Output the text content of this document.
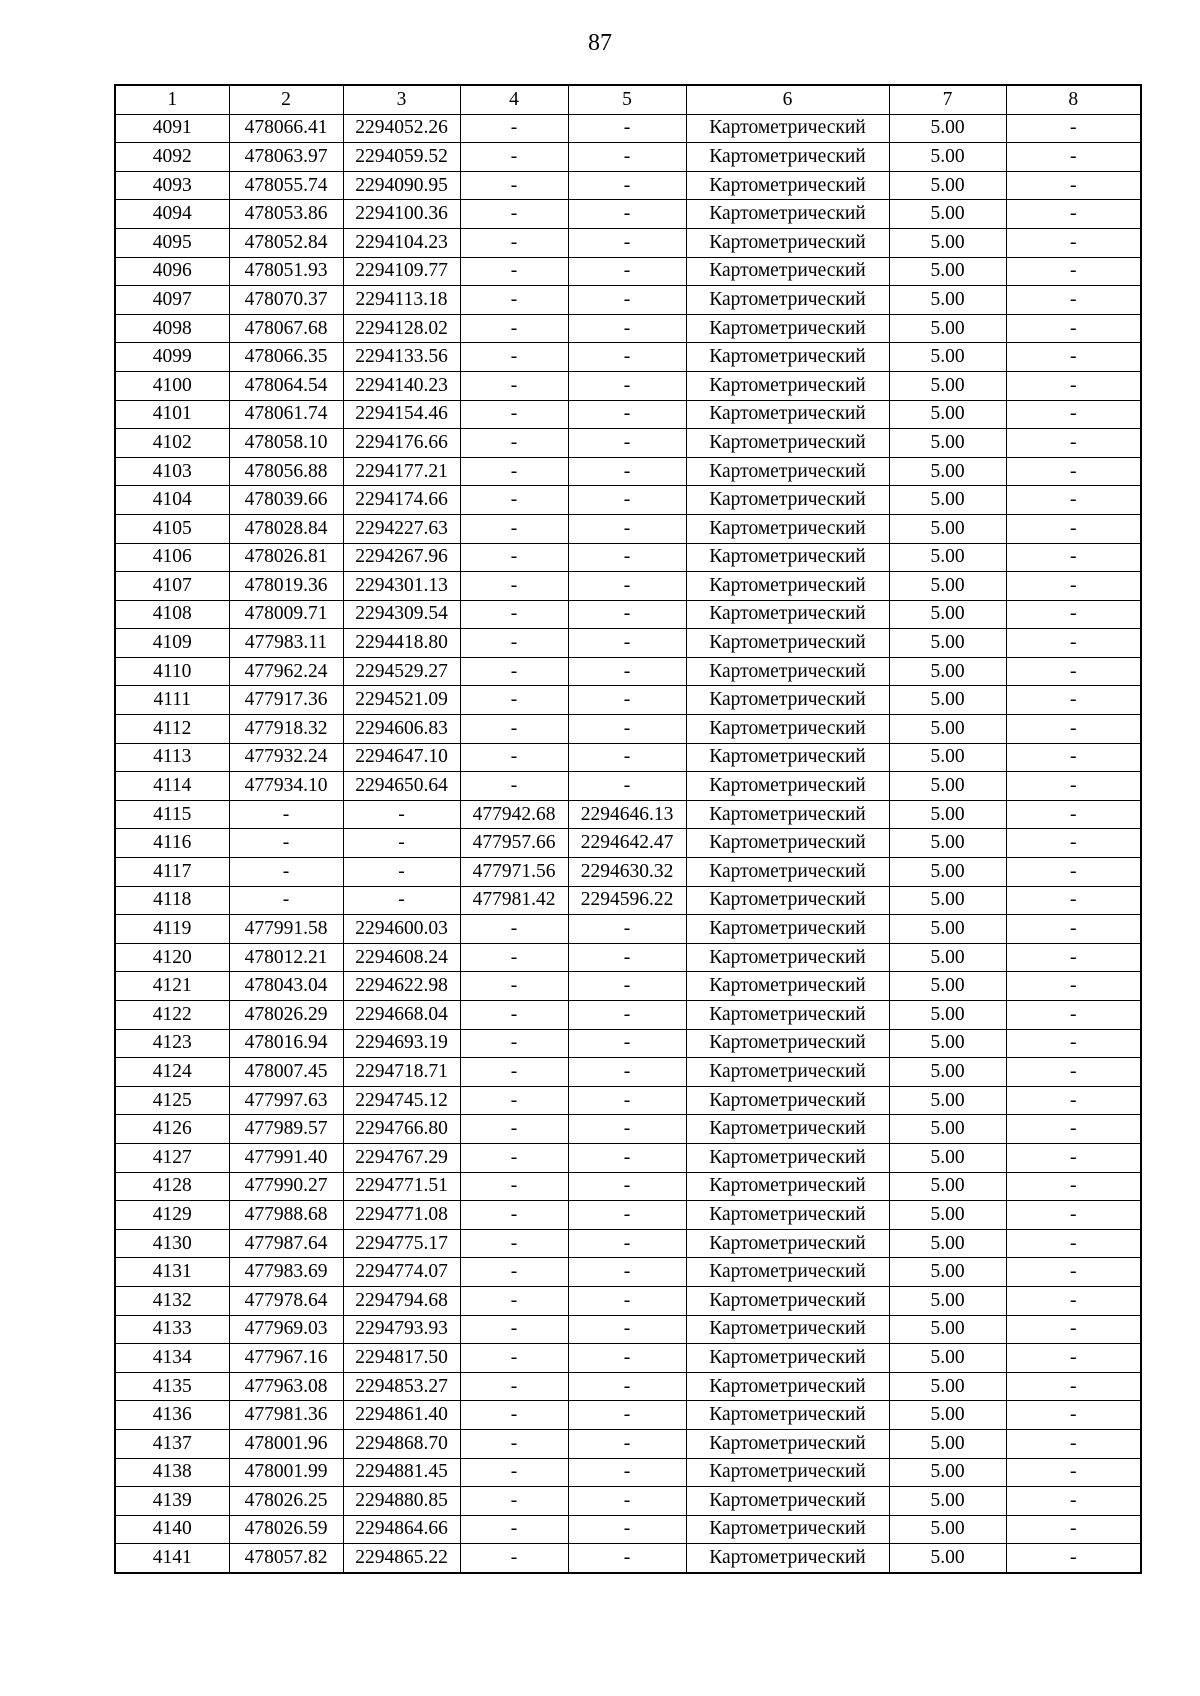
87
1	2	3	4	5	6	7	8
4091	478066.41	2294052.26	-	-	Картометрический	5.00	-
4092	478063.97	2294059.52	-	-	Картометрический	5.00	-
4093	478055.74	2294090.95	-	-	Картометрический	5.00	-
4094	478053.86	2294100.36	-	-	Картометрический	5.00	-
4095	478052.84	2294104.23	-	-	Картометрический	5.00	-
4096	478051.93	2294109.77	-	-	Картометрический	5.00	-
4097	478070.37	2294113.18	-	-	Картометрический	5.00	-
4098	478067.68	2294128.02	-	-	Картометрический	5.00	-
4099	478066.35	2294133.56	-	-	Картометрический	5.00	-
4100	478064.54	2294140.23	-	-	Картометрический	5.00	-
4101	478061.74	2294154.46	-	-	Картометрический	5.00	-
4102	478058.10	2294176.66	-	-	Картометрический	5.00	-
4103	478056.88	2294177.21	-	-	Картометрический	5.00	-
4104	478039.66	2294174.66	-	-	Картометрический	5.00	-
4105	478028.84	2294227.63	-	-	Картометрический	5.00	-
4106	478026.81	2294267.96	-	-	Картометрический	5.00	-
4107	478019.36	2294301.13	-	-	Картометрический	5.00	-
4108	478009.71	2294309.54	-	-	Картометрический	5.00	-
4109	477983.11	2294418.80	-	-	Картометрический	5.00	-
4110	477962.24	2294529.27	-	-	Картометрический	5.00	-
4111	477917.36	2294521.09	-	-	Картометрический	5.00	-
4112	477918.32	2294606.83	-	-	Картометрический	5.00	-
4113	477932.24	2294647.10	-	-	Картометрический	5.00	-
4114	477934.10	2294650.64	-	-	Картометрический	5.00	-
4115	-	-	477942.68	2294646.13	Картометрический	5.00	-
4116	-	-	477957.66	2294642.47	Картометрический	5.00	-
4117	-	-	477971.56	2294630.32	Картометрический	5.00	-
4118	-	-	477981.42	2294596.22	Картометрический	5.00	-
4119	477991.58	2294600.03	-	-	Картометрический	5.00	-
4120	478012.21	2294608.24	-	-	Картометрический	5.00	-
4121	478043.04	2294622.98	-	-	Картометрический	5.00	-
4122	478026.29	2294668.04	-	-	Картометрический	5.00	-
4123	478016.94	2294693.19	-	-	Картометрический	5.00	-
4124	478007.45	2294718.71	-	-	Картометрический	5.00	-
4125	477997.63	2294745.12	-	-	Картометрический	5.00	-
4126	477989.57	2294766.80	-	-	Картометрический	5.00	-
4127	477991.40	2294767.29	-	-	Картометрический	5.00	-
4128	477990.27	2294771.51	-	-	Картометрический	5.00	-
4129	477988.68	2294771.08	-	-	Картометрический	5.00	-
4130	477987.64	2294775.17	-	-	Картометрический	5.00	-
4131	477983.69	2294774.07	-	-	Картометрический	5.00	-
4132	477978.64	2294794.68	-	-	Картометрический	5.00	-
4133	477969.03	2294793.93	-	-	Картометрический	5.00	-
4134	477967.16	2294817.50	-	-	Картометрический	5.00	-
4135	477963.08	2294853.27	-	-	Картометрический	5.00	-
4136	477981.36	2294861.40	-	-	Картометрический	5.00	-
4137	478001.96	2294868.70	-	-	Картометрический	5.00	-
4138	478001.99	2294881.45	-	-	Картометрический	5.00	-
4139	478026.25	2294880.85	-	-	Картометрический	5.00	-
4140	478026.59	2294864.66	-	-	Картометрический	5.00	-
4141	478057.82	2294865.22	-	-	Картометрический	5.00	-
